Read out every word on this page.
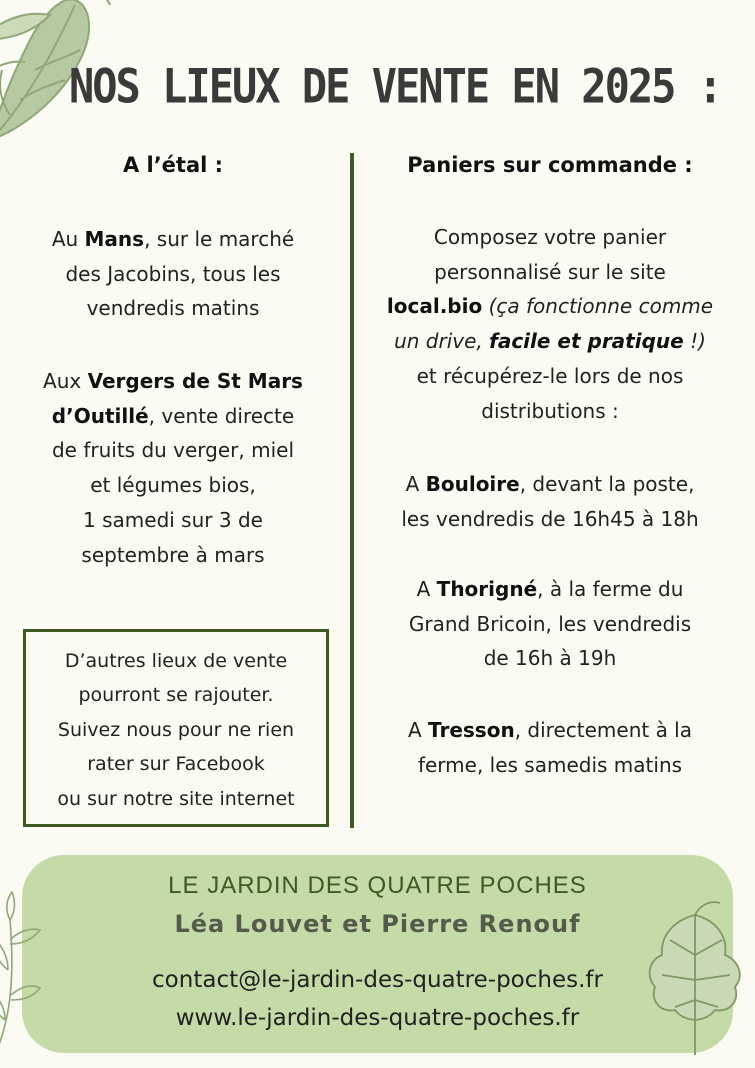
NOS LIEUX DE VENTE EN 2025 :
A l’étal :
Au Mans, sur le marché
des Jacobins, tous les
vendredis matins
Aux Vergers de St Mars
d’Outillé, vente directe
de fruits du verger, miel
et légumes bios,
1 samedi sur 3 de
septembre à mars
D’autres lieux de vente
pourront se rajouter.
Suivez nous pour ne rien
rater sur Facebook
ou sur notre site internet
Paniers sur commande :
Composez votre panier
personnalisé sur le site
local.bio (ça fonctionne comme
un drive, facile et pratique !)
et récupérez-le lors de nos
distributions :
A Bouloire, devant la poste,
les vendredis de 16h45 à 18h
A Thorigné, à la ferme du
Grand Bricoin, les vendredis
de 16h à 19h
A Tresson, directement à la
ferme, les samedis matins
LE JARDIN DES QUATRE POCHES
Léa Louvet et Pierre Renouf
contact@le-jardin-des-quatre-poches.fr
www.le-jardin-des-quatre-poches.fr
